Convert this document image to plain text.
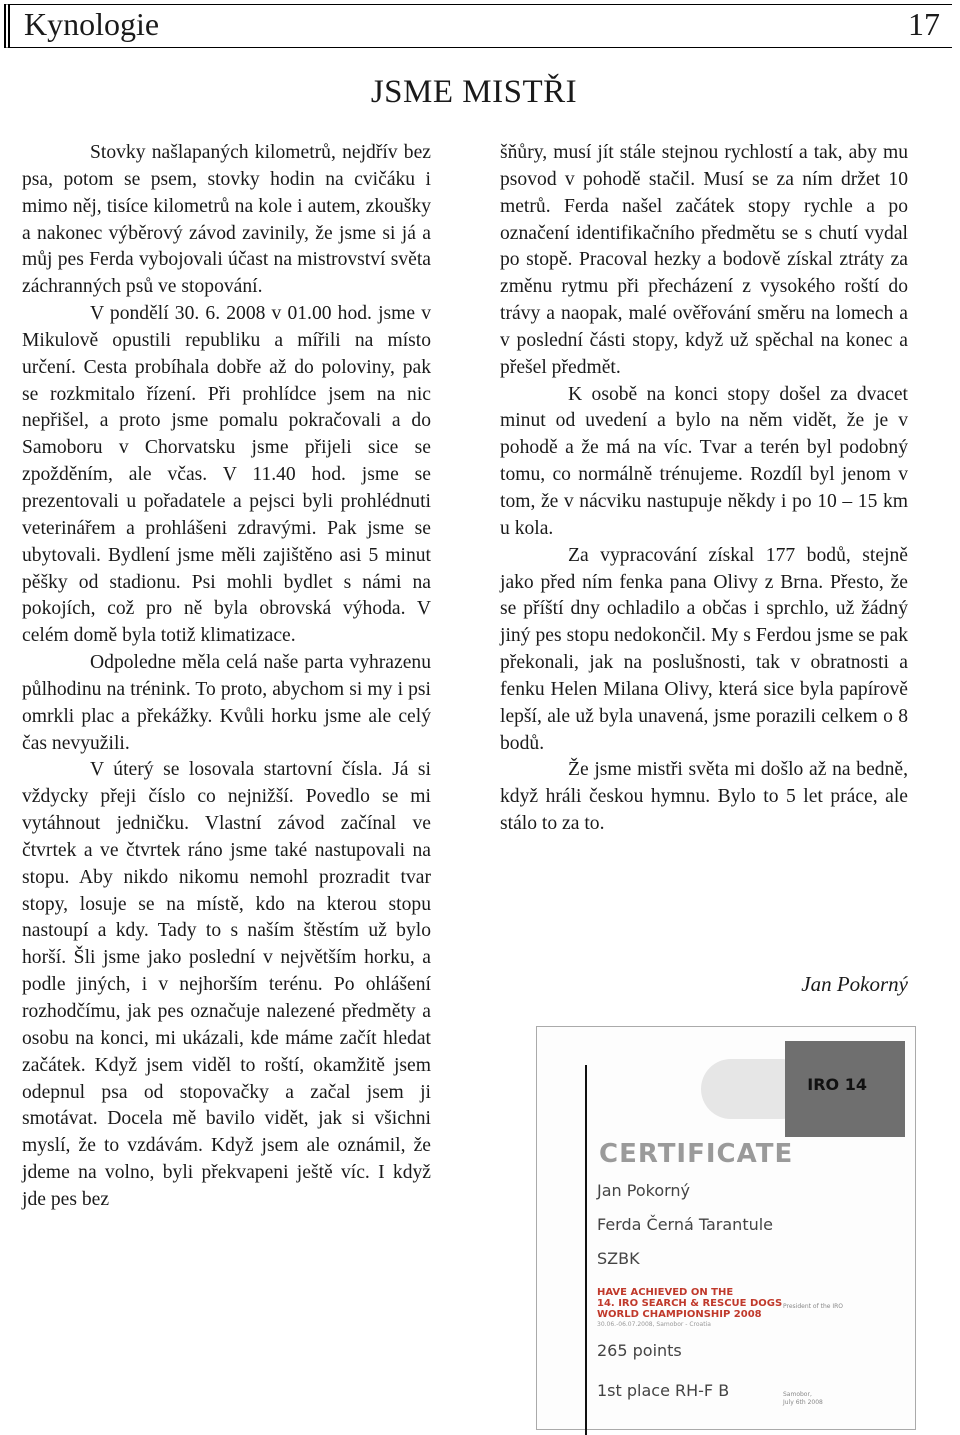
Kynologie	17
JSME MISTŘI

Stovky našlapaných kilometrů, nejdřív bez psa, potom se psem, stovky hodin na cvičáku i mimo něj, tisíce kilometrů na kole i autem, zkoušky a nakonec výběrový závod zavinily, že jsme si já a můj pes Ferda vybojovali účast na mistrovství světa záchranných psů ve stopování.

V pondělí 30. 6. 2008 v 01.00 hod. jsme v Mikulově opustili republiku a mířili na místo určení. Cesta probíhala dobře až do poloviny, pak se rozkmitalo řízení. Při prohlídce jsem na nic nepřišel, a proto jsme pomalu pokračovali a do Samoboru v Chorvatsku jsme přijeli sice se zpožděním, ale včas. V 11.40 hod. jsme se prezentovali u pořadatele a pejsci byli prohlédnuti veterinářem a prohlášeni zdravými. Pak jsme se ubytovali. Bydlení jsme měli zajištěno asi 5 minut pěšky od stadionu. Psi mohli bydlet s námi na pokojích, což pro ně byla obrovská výhoda. V celém domě byla totiž klimatizace.

Odpoledne měla celá naše parta vyhrazenu půlhodinu na trénink. To proto, abychom si my i psi omrkli plac a překážky. Kvůli horku jsme ale celý čas nevyužili.

V úterý se losovala startovní čísla. Já si vždycky přeji číslo co nejnižší. Povedlo se mi vytáhnout jedničku. Vlastní závod začínal ve čtvrtek a ve čtvrtek ráno jsme také nastupovali na stopu. Aby nikdo nikomu nemohl prozradit tvar stopy, losuje se na místě, kdo na kterou stopu nastoupí a kdy. Tady to s naším štěstím už bylo horší. Šli jsme jako poslední v největším horku, a podle jiných, i v nejhorším terénu. Po ohlášení rozhodčímu, jak pes označuje nalezené předměty a osobu na konci, mi ukázali, kde máme začít hledat začátek. Když jsem viděl to roští, okamžitě jsem odepnul psa od stopovačky a začal jsem ji smotávat. Docela mě bavilo vidět, jak si všichni myslí, že to vzdávám. Když jsem ale oznámil, že jdeme na volno, byli překvapeni ještě víc. I když jde pes bez

šňůry, musí jít stále stejnou rychlostí a tak, aby mu psovod v pohodě stačil. Musí se za ním držet 10 metrů. Ferda našel začátek stopy rychle a po označení identifikačního předmětu se s chutí vydal po stopě. Pracoval hezky a bodově získal ztráty za změnu rytmu při přecházení z vysokého roští do trávy a naopak, malé ověřování směru na lomech a v poslední části stopy, když už spěchal na konec a přešel předmět.

K osobě na konci stopy došel za dvacet minut od uvedení a bylo na něm vidět, že je v pohodě a že má na víc. Tvar a terén byl podobný tomu, co normálně trénujeme. Rozdíl byl jenom v tom, že v nácviku nastupuje někdy i po 10 – 15 km u kola.

Za vypracování získal 177 bodů, stejně jako před ním fenka pana Olivy z Brna. Přesto, že se příští dny ochladilo a občas i sprchlo, už žádný jiný pes stopu nedokončil. My s Ferdou jsme se pak překonali, jak na poslušnosti, tak v obratnosti a fenku Helen Milana Olivy, která sice byla papírově lepší, ale už byla unavená, jsme porazili celkem o 8 bodů.

Že jsme mistři světa mi došlo až na bedně, když hráli českou hymnu. Bylo to 5 let práce, ale stálo to za to.

Jan Pokorný
IRO 14
CERTIFICATE
Jan Pokorný
Ferda Černá Tarantule
SZBK
HAVE ACHIEVED ON THE
14. IRO SEARCH & RESCUE DOGS
WORLD CHAMPIONSHIP 2008
30.06.-06.07.2008, Samobor - Croatia
President of the IRO
265 points
1st place RH-F B	Samobor,
July 6th 2008
